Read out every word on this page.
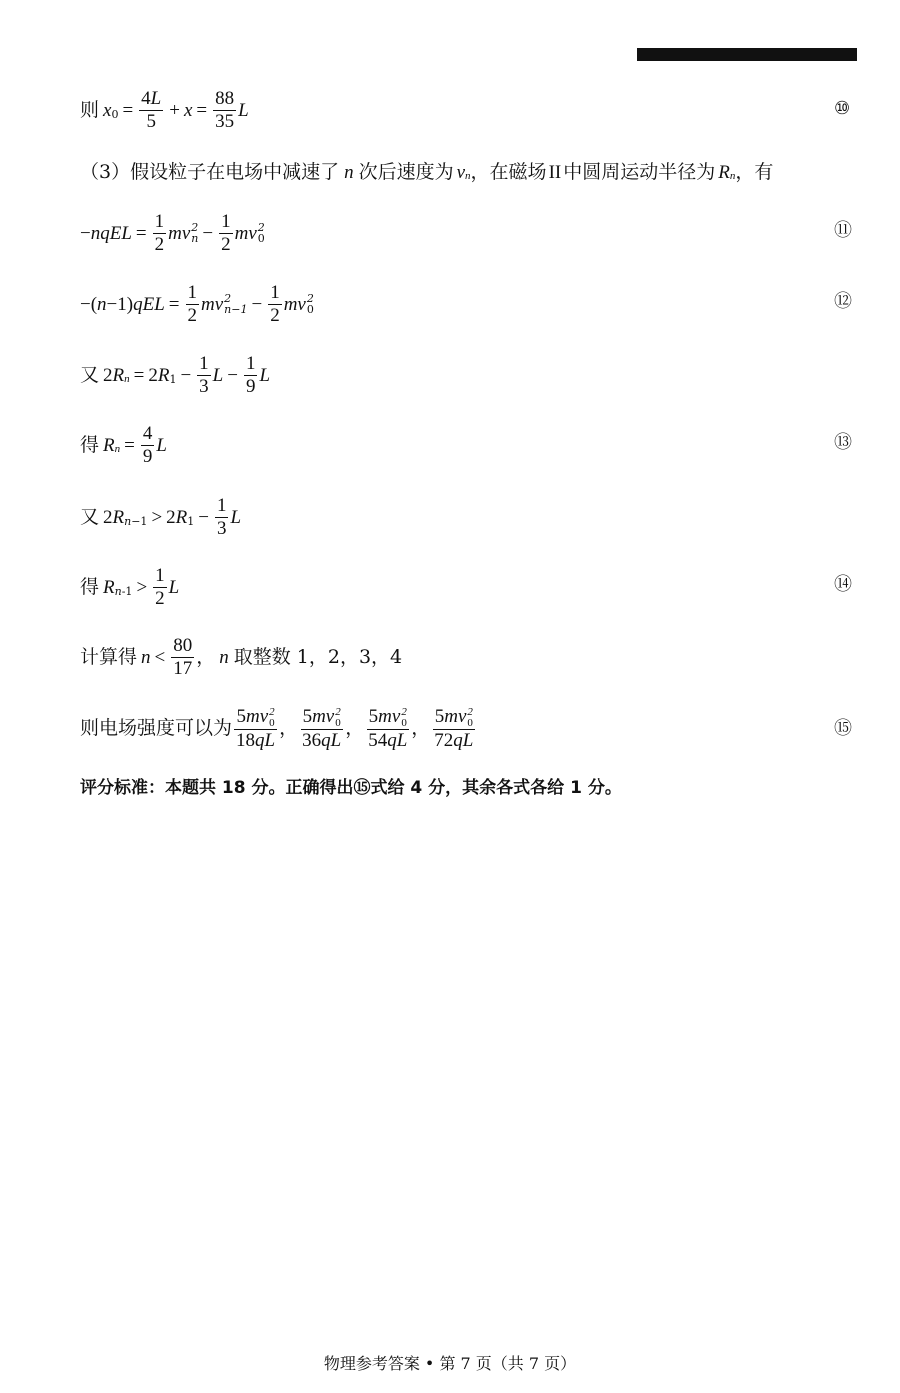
则 $x_0 = \frac{4L}{5} + x = \frac{88}{35}$ L	⑩
（3）假设粒子在电场中减速了 n 次后速度为 $v_n$ ，在磁场 II 中圆周运动半径为 $R_n$ ，有
− nqEL = $\frac{1}{2}$ mv 2
$n - \frac{1}{2}$ mv 2
0	⑪
−( n −1) qEL = $\frac{1}{2}$ mv 2
$n-1 - \frac{1}{2}$ mv 2
0	⑫
又 2 $R_n = 2$ $R_1 - \frac{1}{3}$ $L - \frac{1}{9}$ L
得 $R_n = \frac{4}{9}$ L	⑬
又 2 R $_{n-1}$ > 2 $R_1 - \frac{1}{3}$ L
得 R $_{n-1} > \frac{1}{2}$ L	⑭
计算得 $n < \frac{80}{17}$ ， n 取整数 1，2，3，4
则电场强度可以为 5mv 2
0
18qL ， 5mv 2
0
36qL ， 5mv 2
0
54qL ， 5mv 2
0
72qL	⑮
评分标准：本题共 18 分。正确得出⑮式给 4 分，其余各式各给 1 分。
物理参考答案 • 第 7 页（共 7 页）
